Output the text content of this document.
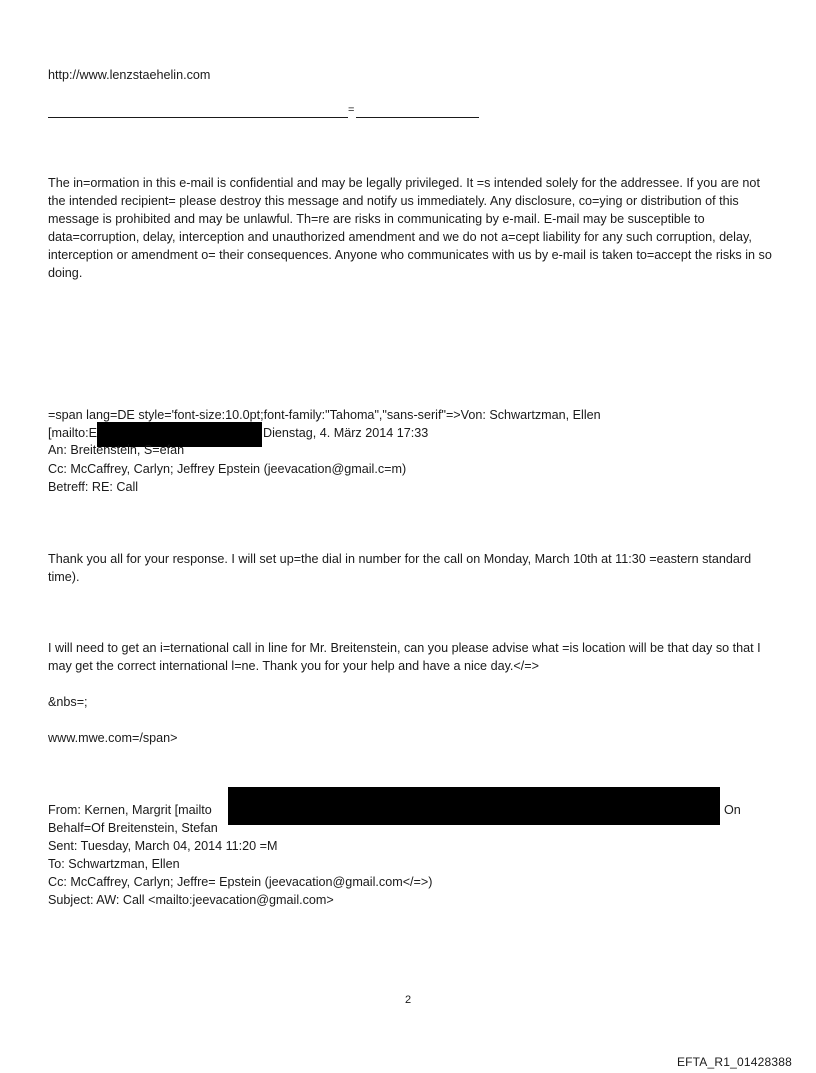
http://www.lenzstaehelin.com
=
The in=ormation in this e-mail is confidential and may be legally privileged. It =s intended solely for the addressee. If you are not the intended recipient= please destroy this message and notify us immediately. Any disclosure, co=ying or distribution of this message is prohibited and may be unlawful. Th=re are risks in communicating by e-mail. E-mail may be susceptible to data=corruption, delay, interception and unauthorized amendment and we do not a=cept liability for any such corruption, delay, interception or amendment o= their consequences. Anyone who communicates with us by e-mail is taken to=accept the risks in so doing.
=span lang=DE style='font-size:10.0pt;font-family:"Tahoma","sans-serif"=>Von: Schwartzman, Ellen
[mailto:E	Dienstag, 4. März 2014 17:33
An: Breitenstein, S=efan
Cc: McCaffrey, Carlyn; Jeffrey Epstein (jeevacation@gmail.c=m)
Betreff: RE: Call
Thank you all for your response. I will set up=the dial in number for the call on Monday, March 10th at 11:30 =eastern standard time).
I will need to get an i=ternational call in line for Mr. Breitenstein, can you please advise what =is location will be that day so that I may get the correct international l=ne. Thank you for your help and have a nice day.</=>
&nbs=;
www.mwe.com=/span>
From: Kernen, Margrit [mailto	On
Behalf=Of Breitenstein, Stefan
Sent: Tuesday, March 04, 2014 11:20 =M
To: Schwartzman, Ellen
Cc: McCaffrey, Carlyn; Jeffre= Epstein (jeevacation@gmail.com</=>)
Subject: AW: Call <mailto:jeevacation@gmail.com>
2
EFTA_R1_01428388
